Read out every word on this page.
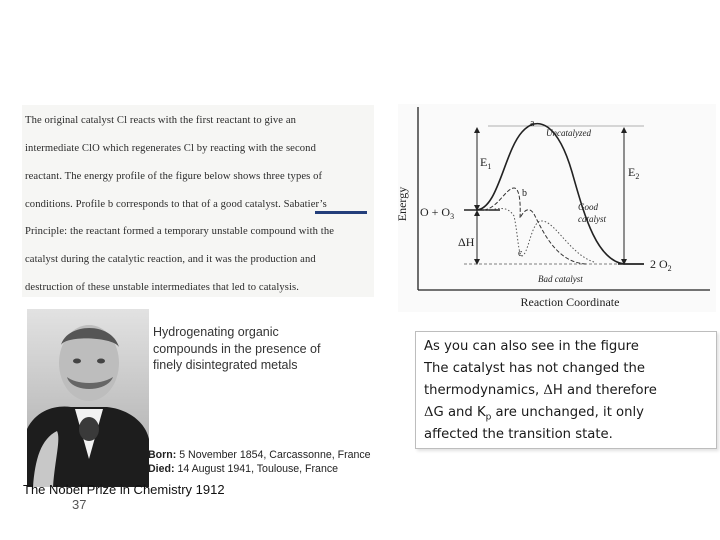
The original catalyst Cl reacts with the first reactant to give an
intermediate ClO which regenerates Cl by reacting with the second
reactant. The energy profile of the figure below shows three types of
conditions. Profile b corresponds to that of a good catalyst. Sabatier’s
Principle: the reactant formed a temporary unstable compound with the
catalyst during the catalytic reaction, and it was the production and
destruction of these unstable intermediates that led to catalysis.
Energy
Reaction Coordinate
$O + O_3$
2 $O_2$
$E_1$	$E_2$
ΔH
a
b
c
Uncatalyzed
Good
catalyst
Bad catalyst
Hydrogenating organic
compounds in the presence of
finely disintegrated metals
Born: 5 November 1854, Carcassonne, France
Died: 14 August 1941, Toulouse, France
The Nobel Prize in Chemistry 1912
37
As you can also see in the figure
The catalyst has not changed the
thermodynamics, ΔH and therefore
ΔG and $K_p$ are unchanged, it only
affected the transition state.
